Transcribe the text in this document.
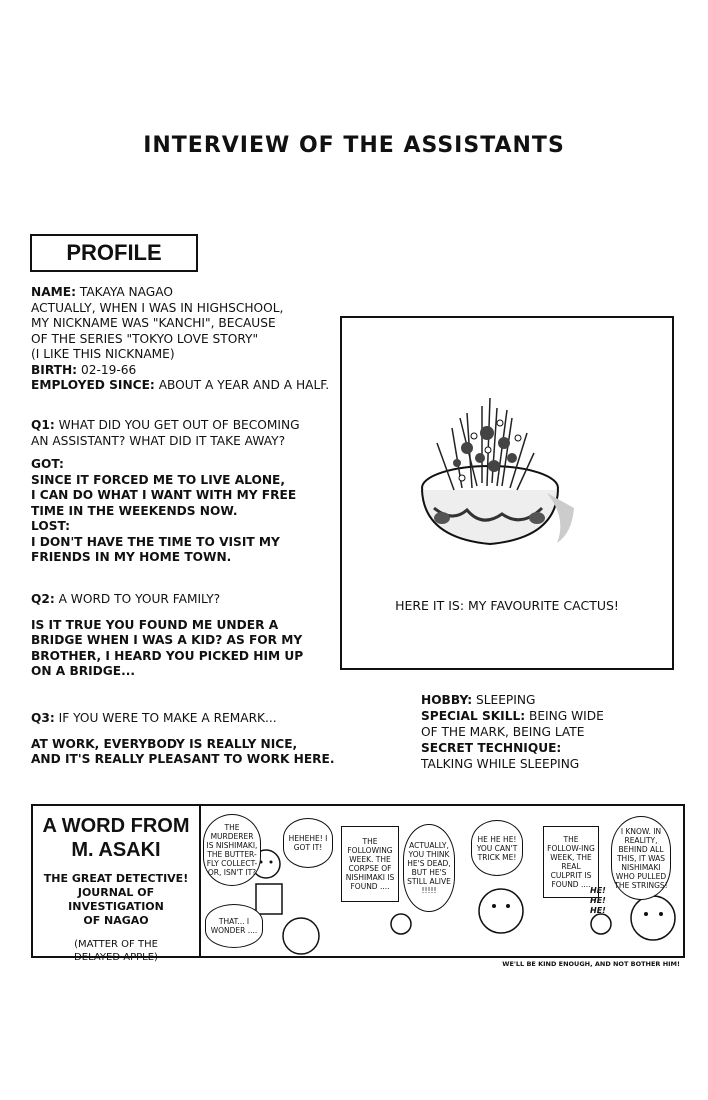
INTERVIEW OF THE ASSISTANTS
PROFILE

NAME: TAKAYA NAGAO

ACTUALLY, WHEN I WAS IN HIGHSCHOOL,

MY NICKNAME WAS "KANCHI", BECAUSE

OF THE SERIES "TOKYO LOVE STORY"

(I LIKE THIS NICKNAME)

BIRTH: 02-19-66

EMPLOYED SINCE: ABOUT A YEAR AND A HALF.

Q1: WHAT DID YOU GET OUT OF BECOMING

AN ASSISTANT? WHAT DID IT TAKE AWAY?

GOT:

SINCE IT FORCED ME TO LIVE ALONE,

I CAN DO WHAT I WANT WITH MY FREE

TIME IN THE WEEKENDS NOW.

LOST:

I DON'T HAVE THE TIME TO VISIT MY

FRIENDS IN MY HOME TOWN.

Q2: A WORD TO YOUR FAMILY?

IS IT TRUE YOU FOUND ME UNDER A

BRIDGE WHEN I WAS A KID? AS FOR MY

BROTHER, I HEARD YOU PICKED HIM UP

ON A BRIDGE...

Q3: IF YOU WERE TO MAKE A REMARK...

AT WORK, EVERYBODY IS REALLY NICE,

AND IT'S REALLY PLEASANT TO WORK HERE.

HERE IT IS: MY FAVOURITE CACTUS!

HOBBY: SLEEPING

SPECIAL SKILL: BEING WIDE

OF THE MARK, BEING LATE

SECRET TECHNIQUE:

TALKING WHILE SLEEPING

A WORD FROM
M. ASAKI
THE GREAT DETECTIVE!
JOURNAL OF INVESTIGATION
OF NAGAO
(MATTER OF THE
DELAYED APPLE)
THE MURDERER IS NISHIMAKI, THE BUTTER-FLY COLLECT-OR, ISN'T IT?
HEHEHE! I GOT IT!
THE FOLLOWING WEEK. THE CORPSE OF NISHIMAKI IS FOUND ....
ACTUALLY, YOU THINK HE'S DEAD, BUT HE'S STILL ALIVE !!!!!
HE HE HE! YOU CAN'T TRICK ME!
THE FOLLOW-ING WEEK, THE REAL CULPRIT IS FOUND ....
I KNOW. IN REALITY, BEHIND ALL THIS, IT WAS NISHIMAKI WHO PULLED THE STRINGS!
THAT... I WONDER ....
HE! HE! HE!
WE'LL BE KIND ENOUGH, AND NOT BOTHER HIM!
